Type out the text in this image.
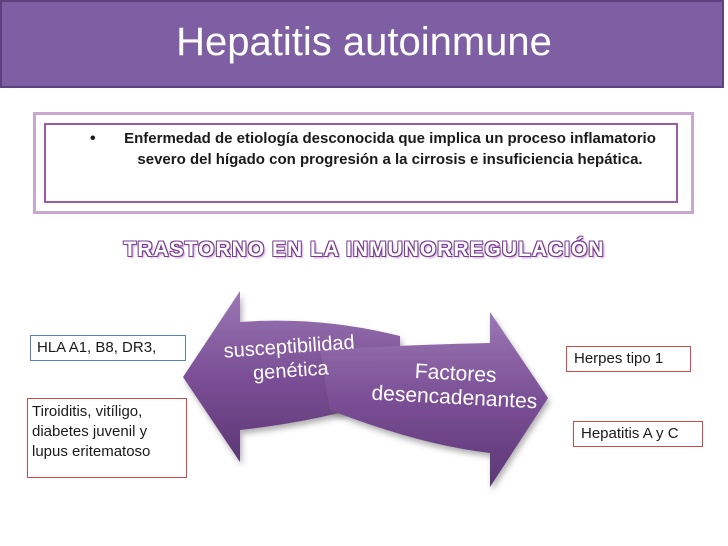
Hepatitis autoinmune
•	Enfermedad de etiología desconocida que implica un proceso inflamatorio severo del hígado con progresión a la cirrosis e insuficiencia hepática.
TRASTORNO EN LA INMUNORREGULACIÓN
susceptibilidad genética	Factores desencadenantes
HLA A1, B8, DR3,
Tiroiditis, vitíligo, diabetes juvenil y lupus eritematoso
Herpes tipo 1
Hepatitis A y C
